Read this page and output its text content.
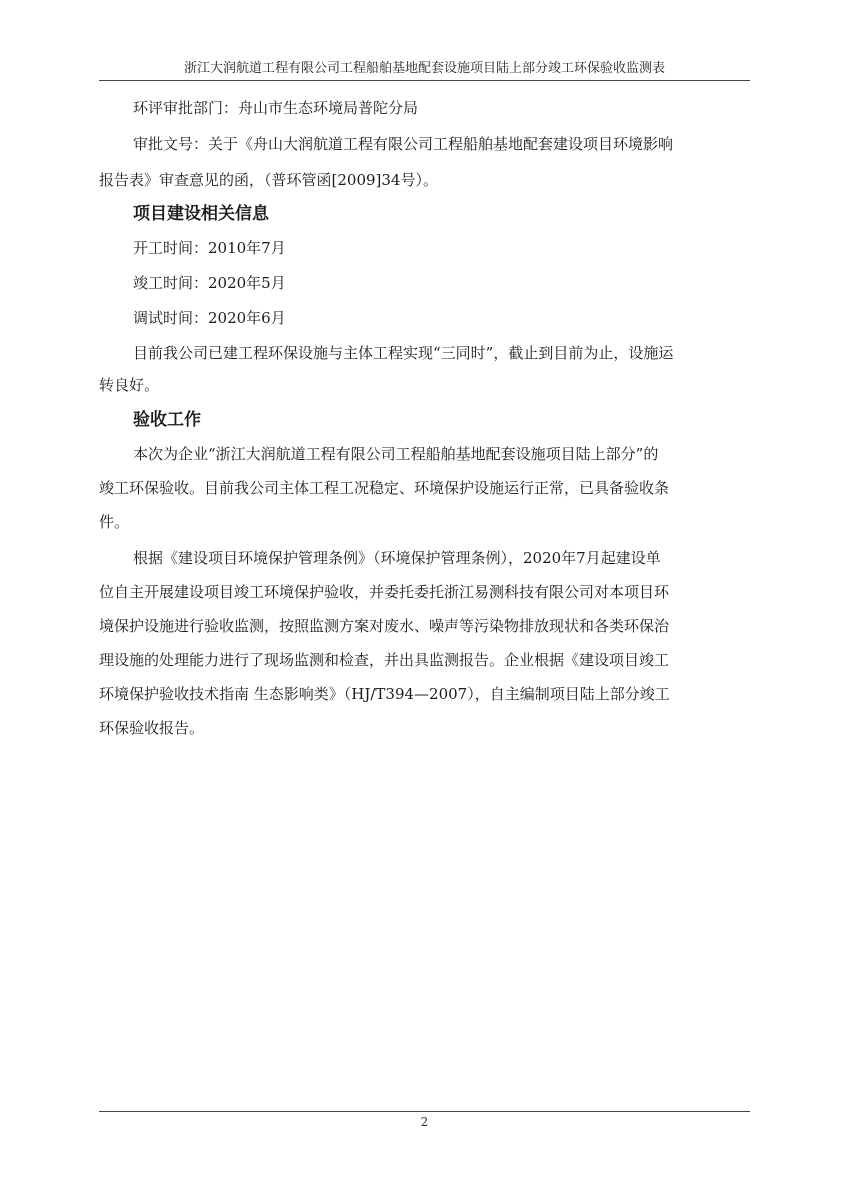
浙江大润航道工程有限公司工程船舶基地配套设施项目陆上部分竣工环保验收监测表
环评审批部门：舟山市生态环境局普陀分局
审批文号：关于《舟山大润航道工程有限公司工程船舶基地配套建设项目环境影响
报告表》审查意见的函，（普环管函[2009]34号）。
项目建设相关信息
开工时间：2010年7月
竣工时间：2020年5月
调试时间：2020年6月
目前我公司已建工程环保设施与主体工程实现“三同时”，截止到目前为止，设施运
转良好。
验收工作
本次为企业“浙江大润航道工程有限公司工程船舶基地配套设施项目陆上部分”的
竣工环保验收。目前我公司主体工程工况稳定、环境保护设施运行正常，已具备验收条
件。
根据《建设项目环境保护管理条例》（环境保护管理条例），2020年7月起建设单
位自主开展建设项目竣工环境保护验收，并委托委托浙江易测科技有限公司对本项目环
境保护设施进行验收监测，按照监测方案对废水、噪声等污染物排放现状和各类环保治
理设施的处理能力进行了现场监测和检查，并出具监测报告。企业根据《建设项目竣工
环境保护验收技术指南 生态影响类》（HJ/T394—2007），自主编制项目陆上部分竣工
环保验收报告。
2
